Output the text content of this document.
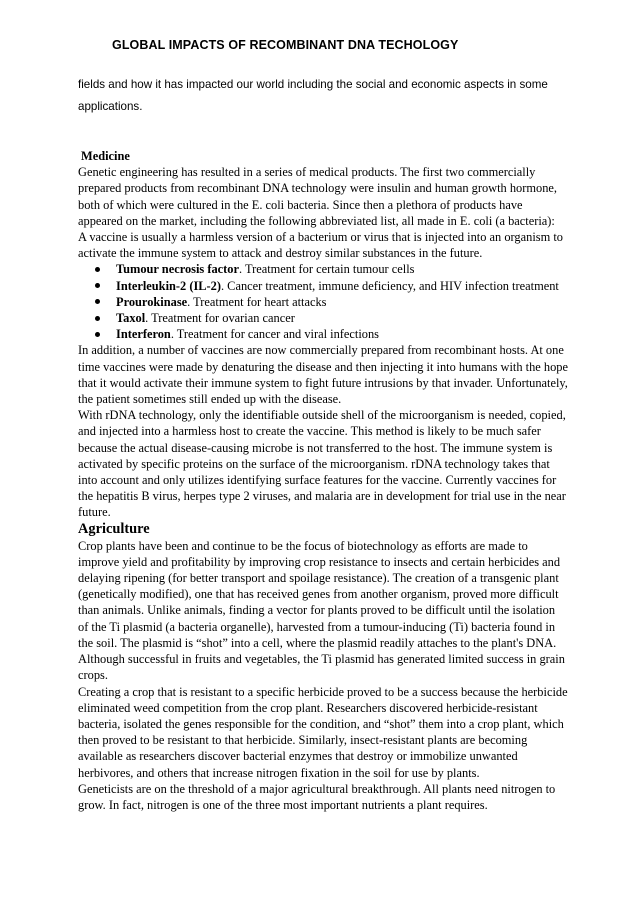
GLOBAL IMPACTS OF RECOMBINANT DNA TECHOLOGY

fields and how it has impacted our world including the social and economic aspects in some applications.

Medicine

Genetic engineering has resulted in a series of medical products. The first two commercially prepared products from recombinant DNA technology were insulin and human growth hormone, both of which were cultured in the E. coli bacteria. Since then a plethora of products have appeared on the market, including the following abbreviated list, all made in E. coli (a bacteria):

A vaccine is usually a harmless version of a bacterium or virus that is injected into an organism to activate the immune system to attack and destroy similar substances in the future.

Tumour necrosis factor. Treatment for certain tumour cells
Interleukin-2 (IL-2). Cancer treatment, immune deficiency, and HIV infection treatment
Prourokinase. Treatment for heart attacks
Taxol. Treatment for ovarian cancer
Interferon. Treatment for cancer and viral infections

In addition, a number of vaccines are now commercially prepared from recombinant hosts. At one time vaccines were made by denaturing the disease and then injecting it into humans with the hope that it would activate their immune system to fight future intrusions by that invader. Unfortunately, the patient sometimes still ended up with the disease.

With rDNA technology, only the identifiable outside shell of the microorganism is needed, copied, and injected into a harmless host to create the vaccine. This method is likely to be much safer because the actual disease-causing microbe is not transferred to the host. The immune system is activated by specific proteins on the surface of the microorganism. rDNA technology takes that into account and only utilizes identifying surface features for the vaccine. Currently vaccines for the hepatitis B virus, herpes type 2 viruses, and malaria are in development for trial use in the near future.

Agriculture

Crop plants have been and continue to be the focus of biotechnology as efforts are made to improve yield and profitability by improving crop resistance to insects and certain herbicides and delaying ripening (for better transport and spoilage resistance). The creation of a transgenic plant (genetically modified), one that has received genes from another organism, proved more difficult than animals. Unlike animals, finding a vector for plants proved to be difficult until the isolation of the Ti plasmid (a bacteria organelle), harvested from a tumour-inducing (Ti) bacteria found in the soil. The plasmid is “shot” into a cell, where the plasmid readily attaches to the plant's DNA. Although successful in fruits and vegetables, the Ti plasmid has generated limited success in grain crops.

Creating a crop that is resistant to a specific herbicide proved to be a success because the herbicide eliminated weed competition from the crop plant. Researchers discovered herbicide-resistant bacteria, isolated the genes responsible for the condition, and “shot” them into a crop plant, which then proved to be resistant to that herbicide. Similarly, insect-resistant plants are becoming available as researchers discover bacterial enzymes that destroy or immobilize unwanted herbivores, and others that increase nitrogen fixation in the soil for use by plants.

Geneticists are on the threshold of a major agricultural breakthrough. All plants need nitrogen to grow. In fact, nitrogen is one of the three most important nutrients a plant requires.
